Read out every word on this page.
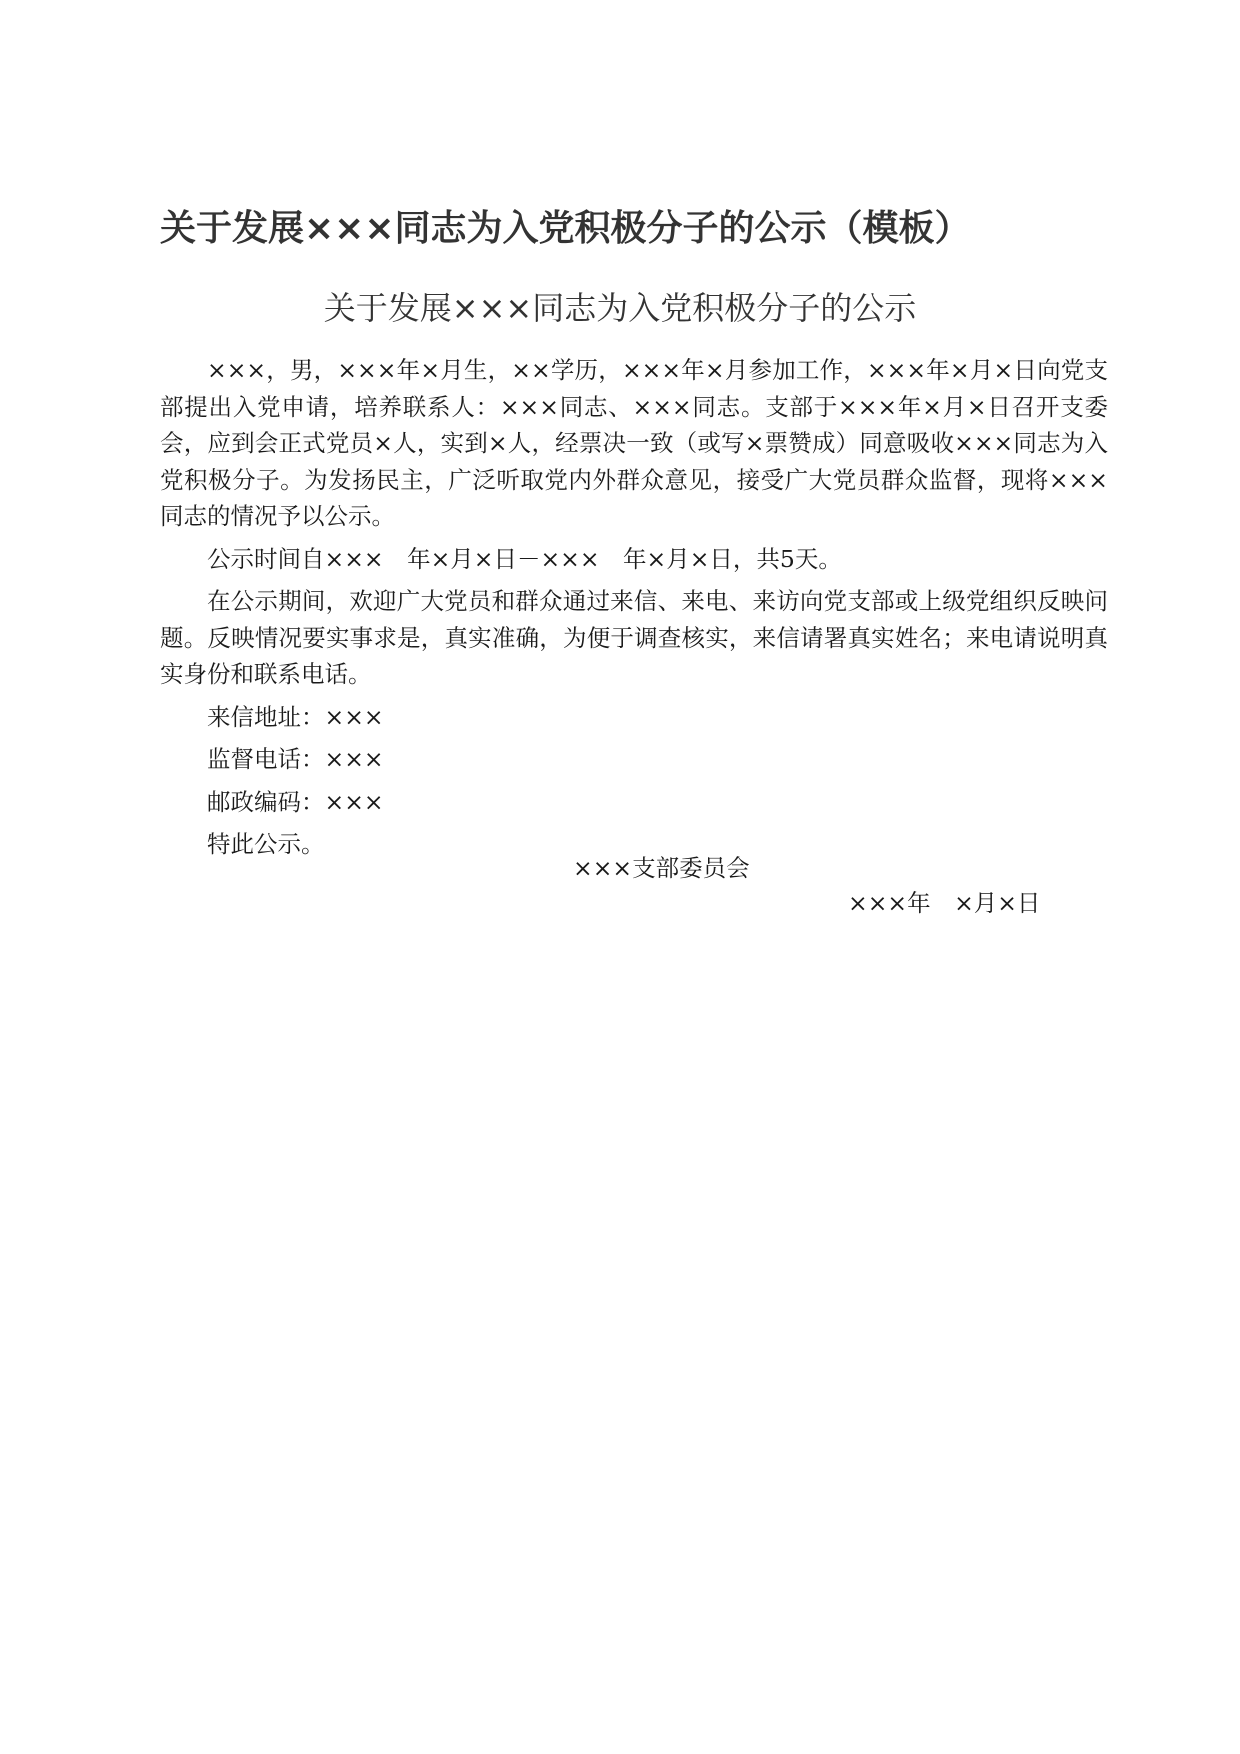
关于发展×××同志为入党积极分子的公示（模板）
关于发展×××同志为入党积极分子的公示

×××，男，×××年×月生，××学历，×××年×月参加工作，×××年×月×日向党支部提出入党申请，培养联系人：×××同志、×××同志。支部于×××年×月×日召开支委会，应到会正式党员×人，实到×人，经票决一致（或写×票赞成）同意吸收×××同志为入党积极分子。为发扬民主，广泛听取党内外群众意见，接受广大党员群众监督，现将×××同志的情况予以公示。

公示时间自×××　年×月×日－×××　年×月×日，共5天。

在公示期间，欢迎广大党员和群众通过来信、来电、来访向党支部或上级党组织反映问题。反映情况要实事求是，真实准确，为便于调查核实，来信请署真实姓名；来电请说明真实身份和联系电话。

来信地址：×××

监督电话：×××

邮政编码：×××

特此公示。

×××支部委员会
×××年　×月×日
